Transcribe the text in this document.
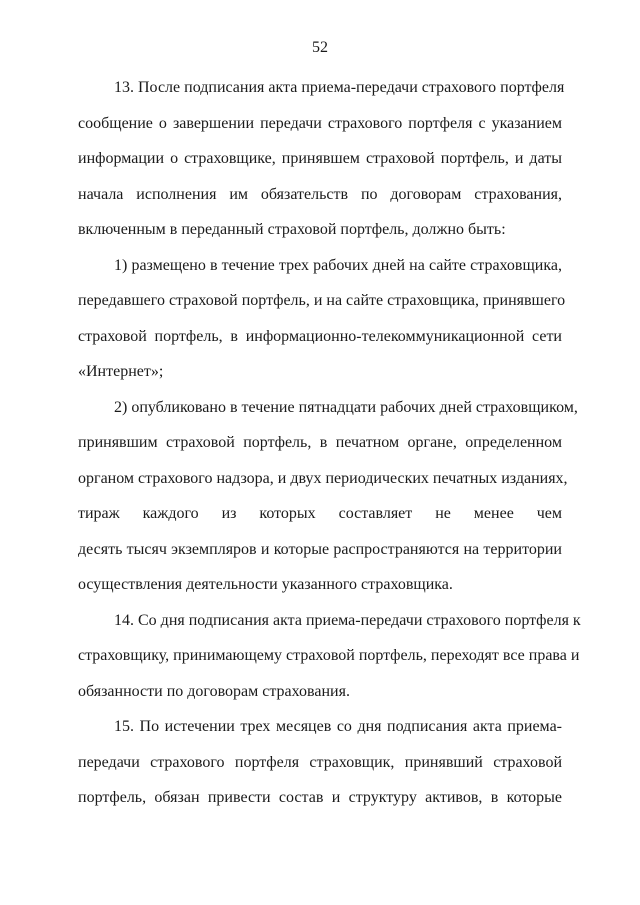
52
13. После подписания акта приема-передачи страхового портфеля
сообщение о завершении передачи страхового портфеля с указанием
информации о страховщике, принявшем страховой портфель, и даты
начала исполнения им обязательств по договорам страхования,
включенным в переданный страховой портфель, должно быть:
1) размещено в течение трех рабочих дней на сайте страховщика,
передавшего страховой портфель, и на сайте страховщика, принявшего
страховой портфель, в информационно-телекоммуникационной сети
«Интернет»;
2) опубликовано в течение пятнадцати рабочих дней страховщиком,
принявшим страховой портфель, в печатном органе, определенном
органом страхового надзора, и двух периодических печатных изданиях,
тираж каждого из которых составляет не менее чем
десять тысяч экземпляров и которые распространяются на территории
осуществления деятельности указанного страховщика.
14. Со дня подписания акта приема-передачи страхового портфеля к
страховщику, принимающему страховой портфель, переходят все права и
обязанности по договорам страхования.
15. По истечении трех месяцев со дня подписания акта приема-
передачи страхового портфеля страховщик, принявший страховой
портфель, обязан привести состав и структуру активов, в которые
